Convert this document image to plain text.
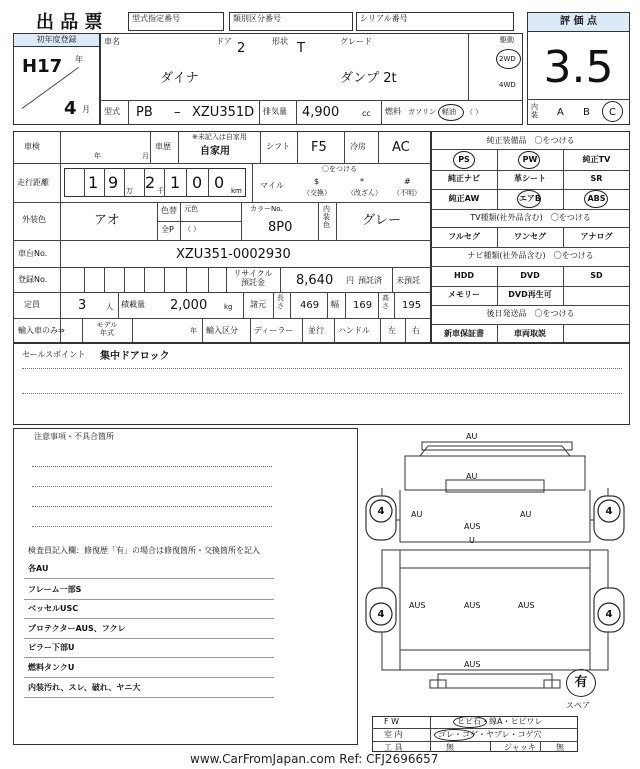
出 品 票	型式指定番号	類別区分番号	シリアル番号
初年度登録
H17 年
4 月
車名
ダイナ
ドア 2	形状 T	グレード
ダンプ 2t
駆動
2WD
4WD
型式 PB – XZU351D 排気量 4,900	cc 燃料 ガソリン 軽油 （ ）
評 価 点
3.5
内装	A B C
車検
年	月
車歴
※未記入は自家用
自家用	シフト F5	冷房 AC
走行距離 1 9 万 2 千 1 0 0 km
マイル
〇をつける
$
（交換）
*
（改ざん）
#
（不明）
外装色	アオ
色替
全P
元色
（ ）
カラーNo.
8P0
内装色 グレー
車台No.	XZU351-0002930
登録No.
リサイクル
預託金	8,640 円 預託済 未預託
定員	3	人 積載量 2,000 kg 諸元
長さ 469 幅 169
高さ 195
輸入車のみ⇒
モデル
年式	年 輸入区分 ディーラー 並行 ハンドル 左 右
純正装備品　〇をつける
PS	PW	純正TV
純正ナビ	革シート	SR
純正AW	エアB	ABS
TV種類(社外品含む)　〇をつける
フルセグ	ワンセグ	アナログ
ナビ種類(社外品含む)　〇をつける
HDD	DVD	SD
メモリー	DVD再生可
後日発送品　〇をつける
新車保証書	車両取説
セールスポイント 集中ドアロック
注意事項・不具合箇所
検査員記入欄：修復歴「有」の場合は修復箇所・交換箇所を記入
各AU
フレーム一部S
ベッセルUSC
プロテクターAUS、フクレ
ピラー下部U
燃料タンクU
内装汚れ、スレ、破れ、ヤニ大
4	4
4	4
AU
AU
AU	AU
AUS
U
AUS	AUS	AUS
AUS
有
スペア
F W	ヒビ石・線A・ヒビワレ
室 内	ゴレ・コゲ・ヤブレ・コゲ穴
工 具	無	ジャッキ	無
www.CarFromJapan.com Ref: CFJ2696657
